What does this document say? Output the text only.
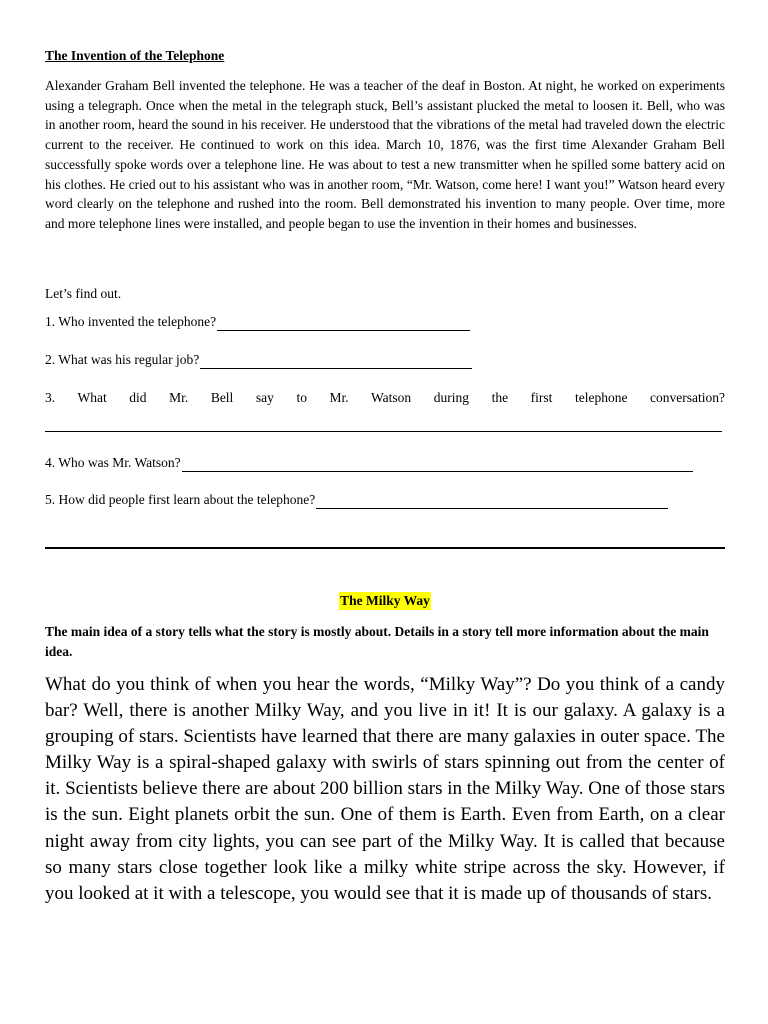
The Invention of the Telephone

Alexander Graham Bell invented the telephone. He was a teacher of the deaf in Boston. At night, he worked on experiments using a telegraph. Once when the metal in the telegraph stuck, Bell’s assistant plucked the metal to loosen it. Bell, who was in another room, heard the sound in his receiver. He understood that the vibrations of the metal had traveled down the electric current to the receiver. He continued to work on this idea. March 10, 1876, was the first time Alexander Graham Bell successfully spoke words over a telephone line. He was about to test a new transmitter when he spilled some battery acid on his clothes. He cried out to his assistant who was in another room, “Mr. Watson, come here! I want you!” Watson heard every word clearly on the telephone and rushed into the room. Bell demonstrated his invention to many people. Over time, more and more telephone lines were installed, and people began to use the invention in their homes and businesses.

Let’s find out.
1. Who invented the telephone?
2. What was his regular job?
3. What did Mr. Bell say to Mr. Watson during the first telephone conversation?
4. Who was Mr. Watson?
5. How did people first learn about the telephone?
The Milky Way

The main idea of a story tells what the story is mostly about. Details in a story tell more information about the main idea.

What do you think of when you hear the words, “Milky Way”? Do you think of a candy bar? Well, there is another Milky Way, and you live in it! It is our galaxy. A galaxy is a grouping of stars. Scientists have learned that there are many galaxies in outer space. The Milky Way is a spiral-shaped galaxy with swirls of stars spinning out from the center of it. Scientists believe there are about 200 billion stars in the Milky Way. One of those stars is the sun. Eight planets orbit the sun. One of them is Earth. Even from Earth, on a clear night away from city lights, you can see part of the Milky Way. It is called that because so many stars close together look like a milky white stripe across the sky. However, if you looked at it with a telescope, you would see that it is made up of thousands of stars.
